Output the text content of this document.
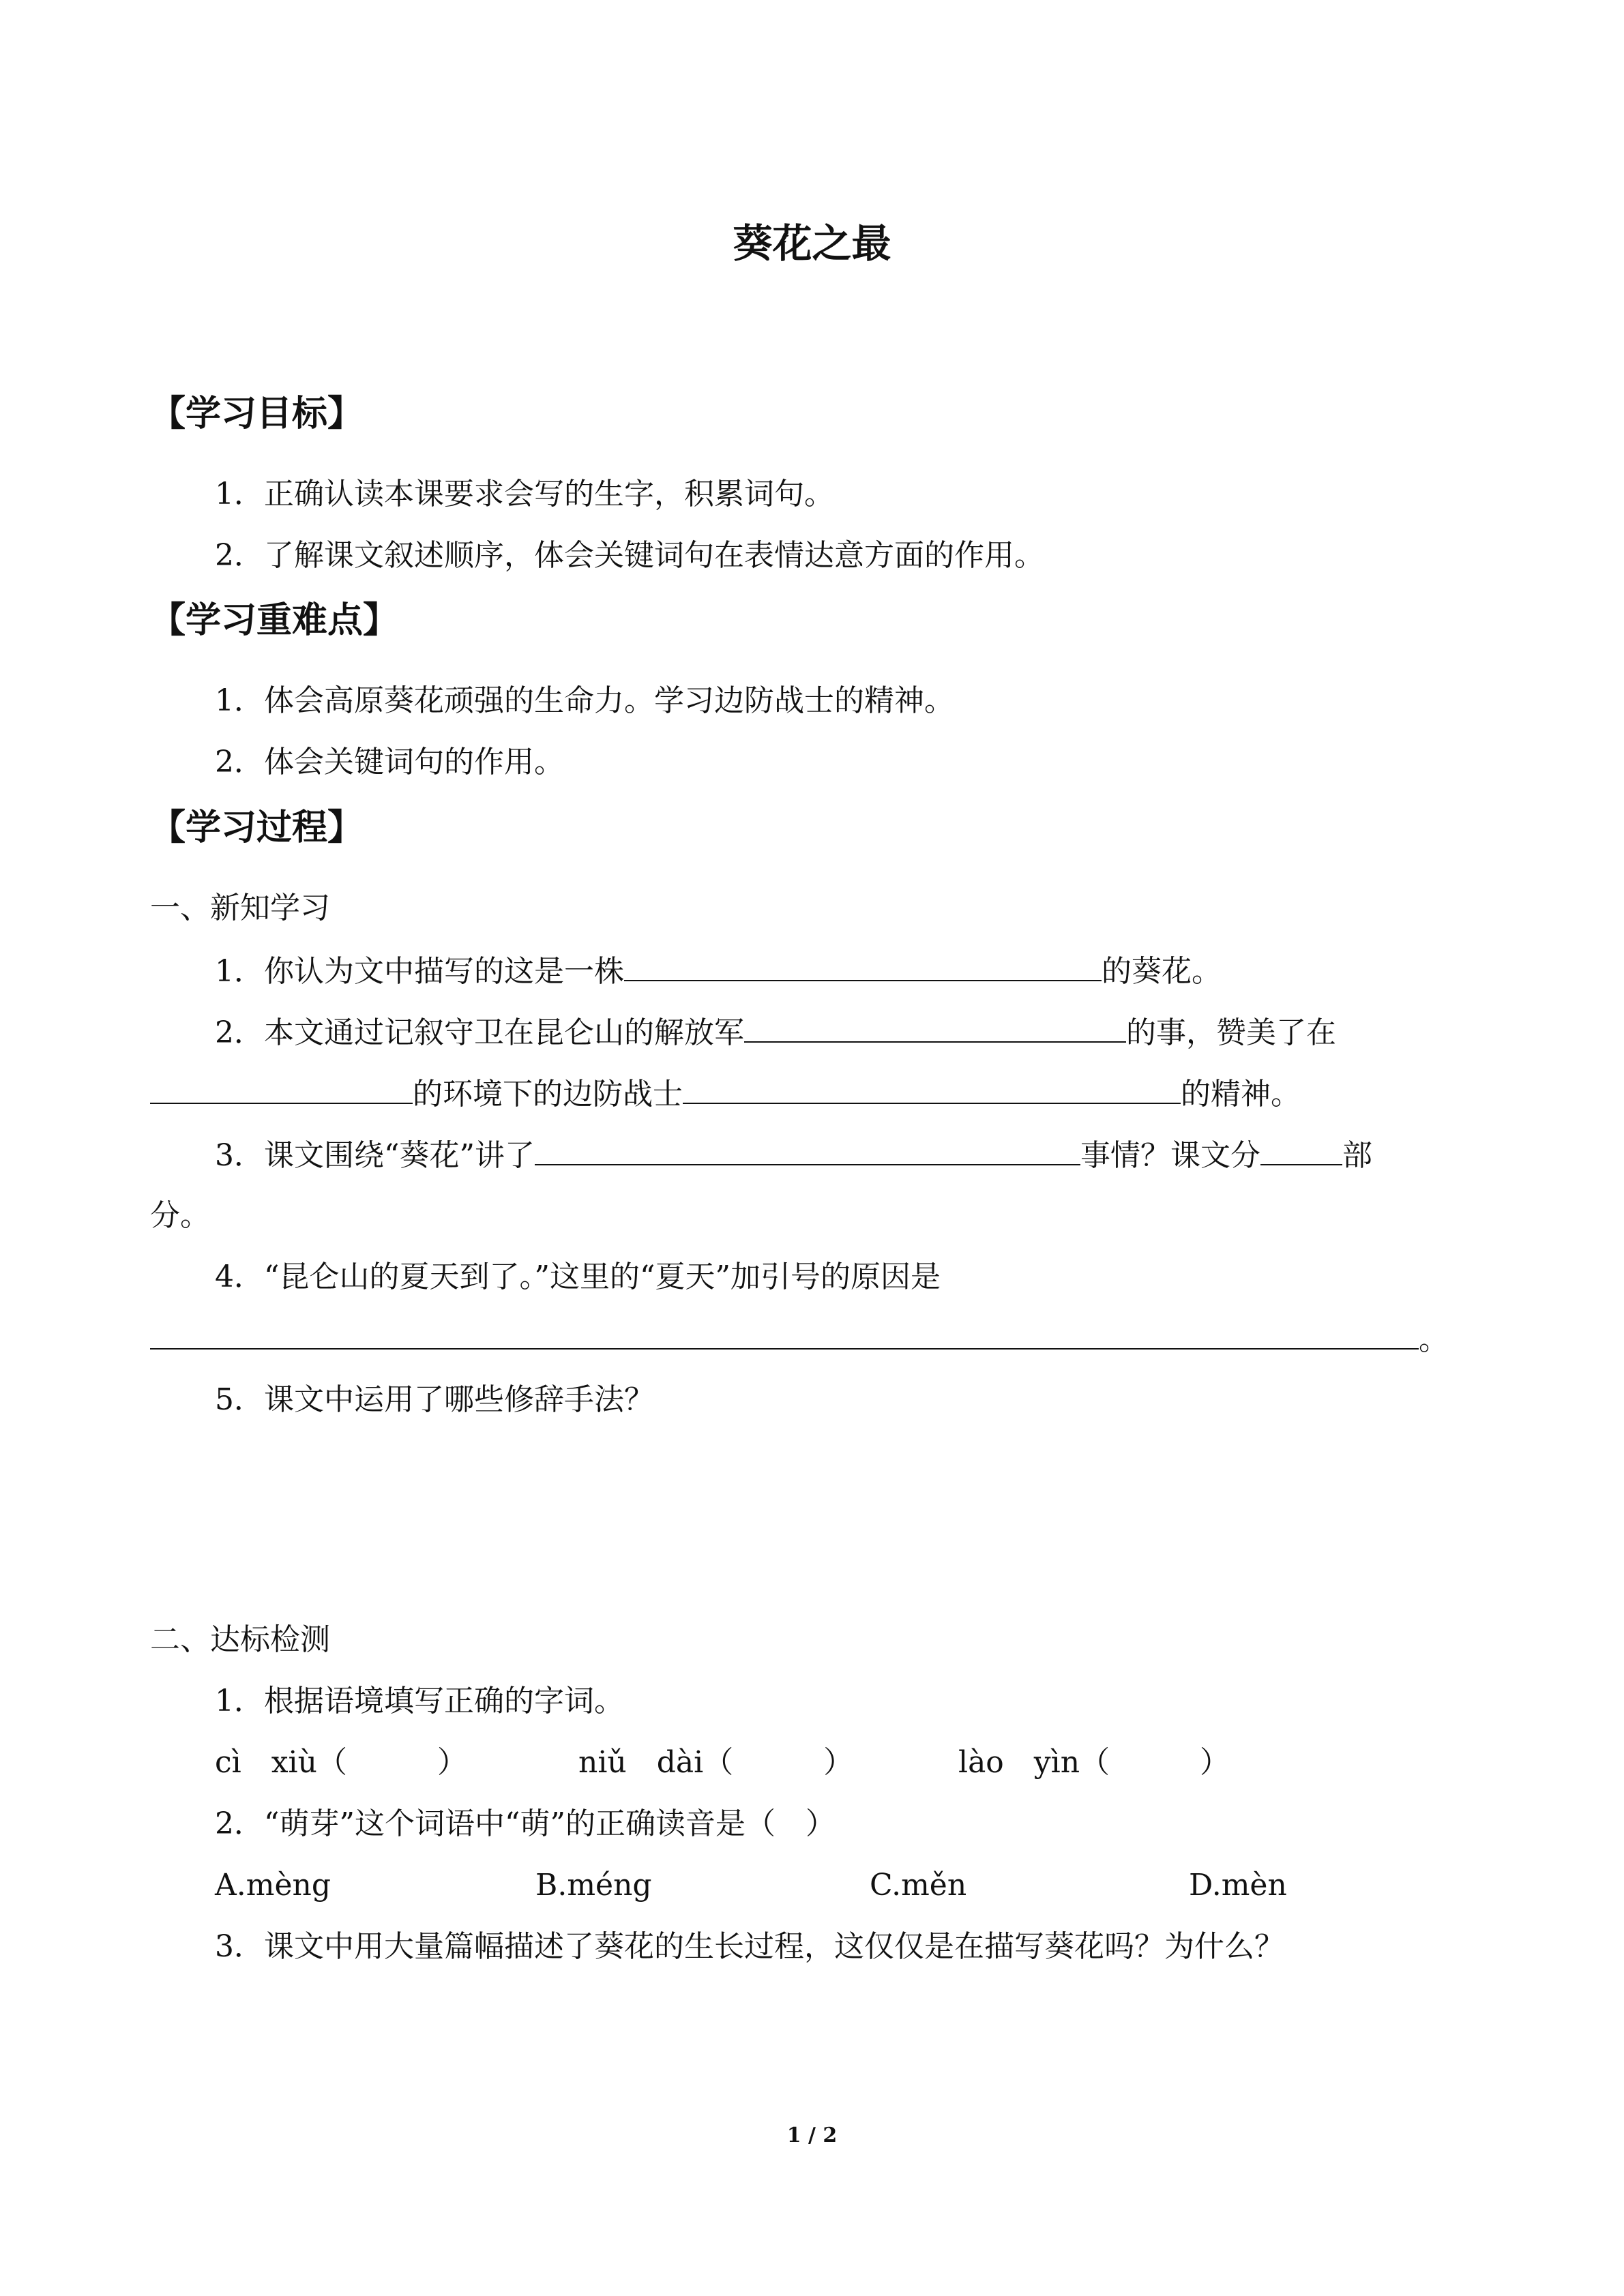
葵花之最
【学习目标】
1．正确认读本课要求会写的生字，积累词句。
2．了解课文叙述顺序，体会关键词句在表情达意方面的作用。
【学习重难点】
1．体会高原葵花顽强的生命力。学习边防战士的精神。
2．体会关键词句的作用。
【学习过程】
一、新知学习
1．你认为文中描写的这是一株	的葵花。
2．本文通过记叙守卫在昆仑山的解放军	的事，赞美了在
的环境下的边防战士	的精神。
3．课文围绕“葵花”讲了	事情？课文分	部
分。
4．“昆仑山的夏天到了。”这里的“夏天”加引号的原因是
。
5．课文中运用了哪些修辞手法？
二、达标检测
1．根据语境填写正确的字词。
cì　xiù（　　　）	niǔ　dài（　　　）	lào　yìn（　　　）
2．“萌芽”这个词语中“萌”的正确读音是（　）
A.mèng	B.méng	C.měn	D.mèn
3．课文中用大量篇幅描述了葵花的生长过程，这仅仅是在描写葵花吗？为什么？
1 / 2
